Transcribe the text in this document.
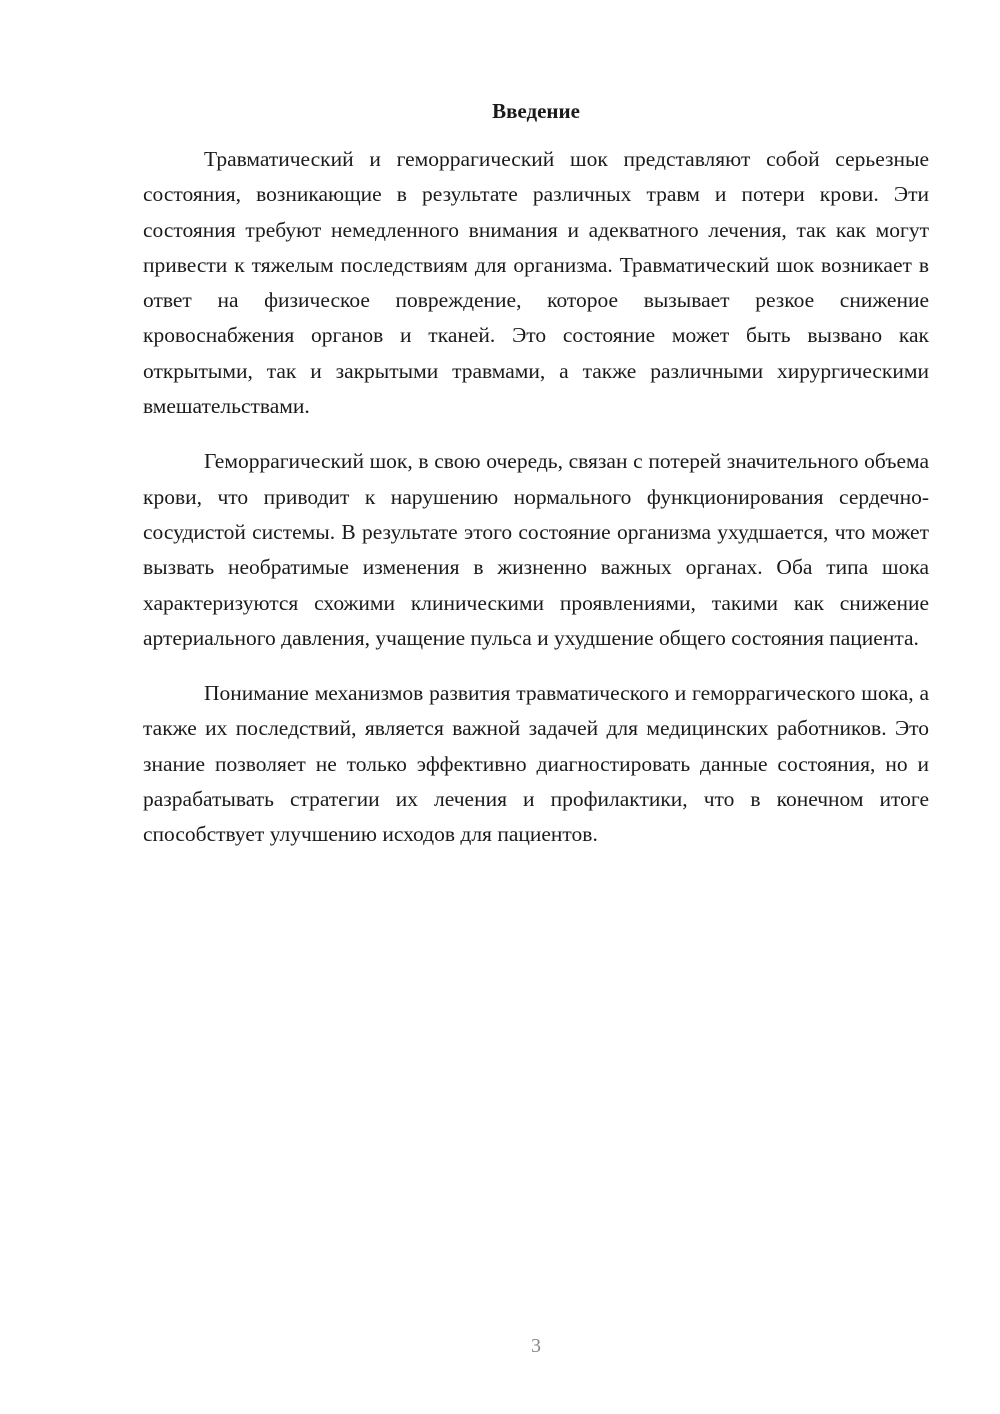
Введение

Травматический и геморрагический шок представляют собой серьезные состояния, возникающие в результате различных травм и потери крови. Эти состояния требуют немедленного внимания и адекватного лечения, так как могут привести к тяжелым последствиям для организма. Травматический шок возникает в ответ на физическое повреждение, которое вызывает резкое снижение кровоснабжения органов и тканей. Это состояние может быть вызвано как открытыми, так и закрытыми травмами, а также различными хирургическими вмешательствами.

Геморрагический шок, в свою очередь, связан с потерей значительного объема крови, что приводит к нарушению нормального функционирования сердечно-сосудистой системы. В результате этого состояние организма ухудшается, что может вызвать необратимые изменения в жизненно важных органах. Оба типа шока характеризуются схожими клиническими проявлениями, такими как снижение артериального давления, учащение пульса и ухудшение общего состояния пациента.

Понимание механизмов развития травматического и геморрагического шока, а также их последствий, является важной задачей для медицинских работников. Это знание позволяет не только эффективно диагностировать данные состояния, но и разрабатывать стратегии их лечения и профилактики, что в конечном итоге способствует улучшению исходов для пациентов.

3
